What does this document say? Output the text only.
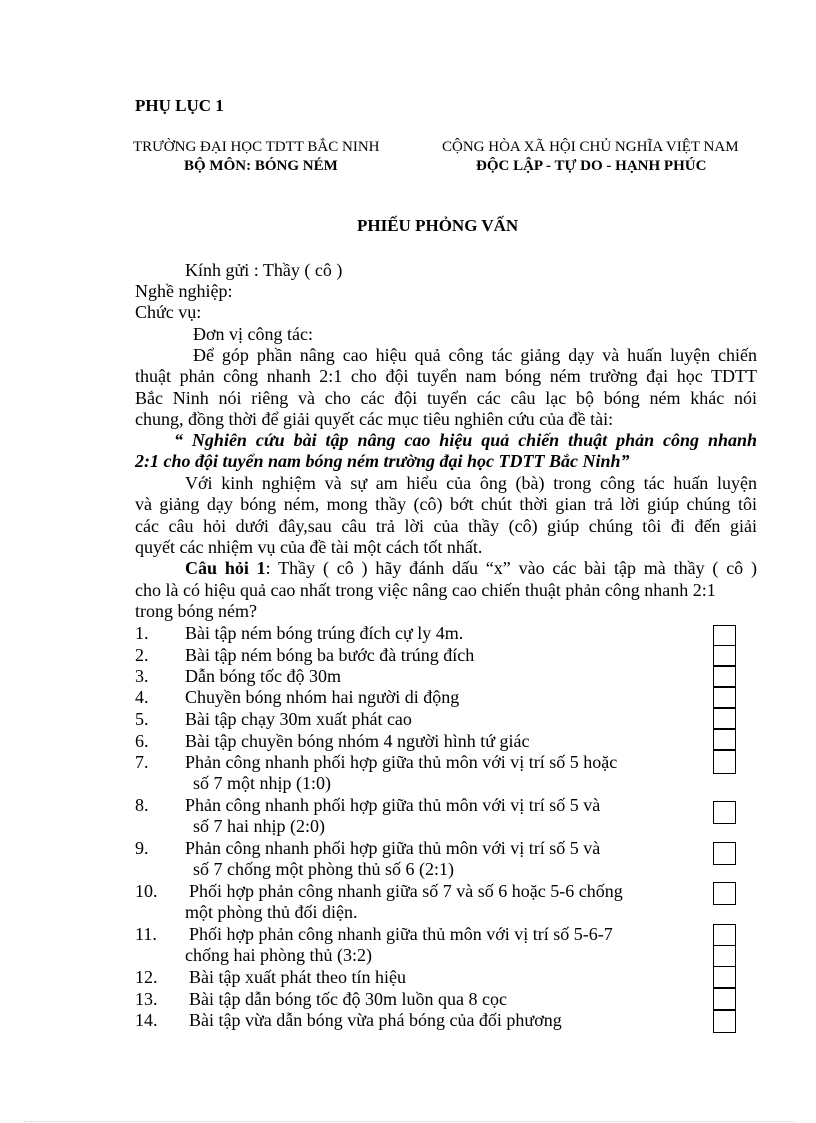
PHỤ LỤC 1
TRƯỜNG ĐẠI HỌC TDTT BẮC NINH
BỘ MÔN: BÓNG NÉM
CỘNG HÒA XÃ HỘI CHỦ NGHĨA VIỆT NAM
ĐỘC LẬP - TỰ DO - HẠNH PHÚC
PHIẾU PHỎNG VẤN
Kính gửi : Thầy ( cô )
Nghề nghiệp:
Chức vụ:
Đơn vị công tác:
Để góp phần nâng cao hiệu quả công tác giảng dạy và huấn luyện chiến
thuật phản công nhanh 2:1 cho đội tuyển nam bóng ném trường đại học TDTT
Bắc Ninh nói riêng và cho các đội tuyển các câu lạc bộ bóng ném khác nói
chung, đồng thời để giải quyết các mục tiêu nghiên cứu của đề tài:
“ Nghiên cứu bài tập nâng cao hiệu quả chiến thuật phản công nhanh
2:1 cho đội tuyển nam bóng ném trường đại học TDTT Bắc Ninh”
Với kinh nghiệm và sự am hiểu của ông (bà) trong công tác huấn luyện
và giảng dạy bóng ném, mong thầy (cô) bớt chút thời gian trả lời giúp chúng tôi
các câu hỏi dưới đây,sau câu trả lời của thầy (cô) giúp chúng tôi đi đến giải
quyết các nhiệm vụ của đề tài một cách tốt nhất.
Câu hỏi 1: Thầy ( cô ) hãy đánh dấu “x” vào các bài tập mà thầy ( cô )
cho là có hiệu quả cao nhất trong việc nâng cao chiến thuật phản công nhanh 2:1
trong bóng ném?
1. Bài tập ném bóng trúng đích cự ly 4m.
2. Bài tập ném bóng ba bước đà trúng đích
3. Dẫn bóng tốc độ 30m
4. Chuyền bóng nhóm hai người di động
5. Bài tập chạy 30m xuất phát cao
6. Bài tập chuyền bóng nhóm 4 người hình tứ giác
7. Phản công nhanh phối hợp giữa thủ môn với vị trí số 5 hoặc
số 7 một nhịp (1:0)
8. Phản công nhanh phối hợp giữa thủ môn với vị trí số 5 và
số 7 hai nhịp (2:0)
9. Phản công nhanh phối hợp giữa thủ môn với vị trí số 5 và
số 7 chống một phòng thủ số 6 (2:1)
10. Phối hợp phản công nhanh giữa số 7 và số 6 hoặc 5-6 chống
một phòng thủ đối diện.
11. Phối hợp phản công nhanh giữa thủ môn với vị trí số 5-6-7
chống hai phòng thủ (3:2)
12. Bài tập xuất phát theo tín hiệu
13. Bài tập dẫn bóng tốc độ 30m luồn qua 8 cọc
14. Bài tập vừa dẫn bóng vừa phá bóng của đối phương
